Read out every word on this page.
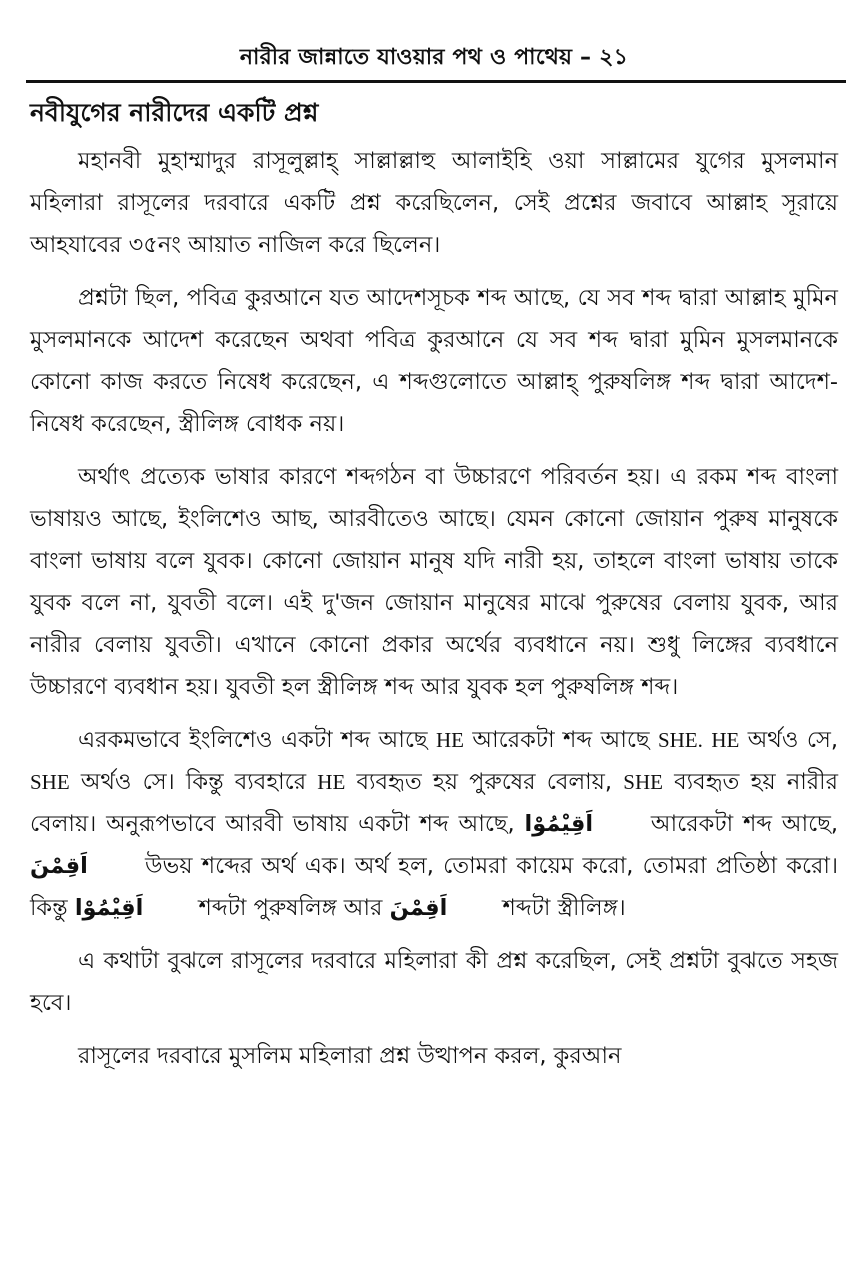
নারীর জান্নাতে যাওয়ার পথ ও পাথেয় – ২১
নবীযুগের নারীদের একটি প্রশ্ন

মহানবী মুহাম্মাদুর রাসূলুল্লাহ্‌ সাল্লাল্লাহু আলাইহি ওয়া সাল্লামের যুগের মুসলমান মহিলারা রাসূলের দরবারে একটি প্রশ্ন করেছিলেন, সেই প্রশ্নের জবাবে আল্লাহ সূরায়ে আহযাবের ৩৫নং আয়াত নাজিল করে ছিলেন।

প্রশ্নটা ছিল, পবিত্র কুরআনে যত আদেশসূচক শব্দ আছে, যে সব শব্দ দ্বারা আল্লাহ মুমিন মুসলমানকে আদেশ করেছেন অথবা পবিত্র কুরআনে যে সব শব্দ দ্বারা মুমিন মুসলমানকে কোনো কাজ করতে নিষেধ করেছেন, এ শব্দগুলোতে আল্লাহ্‌ পুরুষলিঙ্গ শব্দ দ্বারা আদেশ-নিষেধ করেছেন, স্ত্রীলিঙ্গ বোধক নয়।

অর্থাৎ প্রত্যেক ভাষার কারণে শব্দগঠন বা উচ্চারণে পরিবর্তন হয়। এ রকম শব্দ বাংলা ভাষায়ও আছে, ইংলিশেও আছ, আরবীতেও আছে। যেমন কোনো জোয়ান পুরুষ মানুষকে বাংলা ভাষায় বলে যুবক। কোনো জোয়ান মানুষ যদি নারী হয়, তাহলে বাংলা ভাষায় তাকে যুবক বলে না, যুবতী বলে। এই দু'জন জোয়ান মানুষের মাঝে পুরুষের বেলায় যুবক, আর নারীর বেলায় যুবতী। এখানে কোনো প্রকার অর্থের ব্যবধানে নয়। শুধু লিঙ্গের ব্যবধানে উচ্চারণে ব্যবধান হয়। যুবতী হল স্ত্রীলিঙ্গ শব্দ আর যুবক হল পুরুষলিঙ্গ শব্দ।

এরকমভাবে ইংলিশেও একটা শব্দ আছে HE আরেকটা শব্দ আছে SHE. HE অর্থও সে, SHE অর্থও সে। কিন্তু ব্যবহারে HE ব্যবহৃত হয় পুরুষের বেলায়, SHE ব্যবহৃত হয় নারীর বেলায়। অনুরূপভাবে আরবী ভাষায় একটা শব্দ আছে, اَقِيْمُوْا আরেকটা শব্দ আছে, اَقِمْنَ উভয় শব্দের অর্থ এক। অর্থ হল, তোমরা কায়েম করো, তোমরা প্রতিষ্ঠা করো। কিন্তু اَقِيْمُوْا শব্দটা পুরুষলিঙ্গ আর اَقِمْنَ শব্দটা স্ত্রীলিঙ্গ।

এ কথাটা বুঝলে রাসূলের দরবারে মহিলারা কী প্রশ্ন করেছিল, সেই প্রশ্নটা বুঝতে সহজ হবে।

রাসূলের দরবারে মুসলিম মহিলারা প্রশ্ন উত্থাপন করল, কুরআন
